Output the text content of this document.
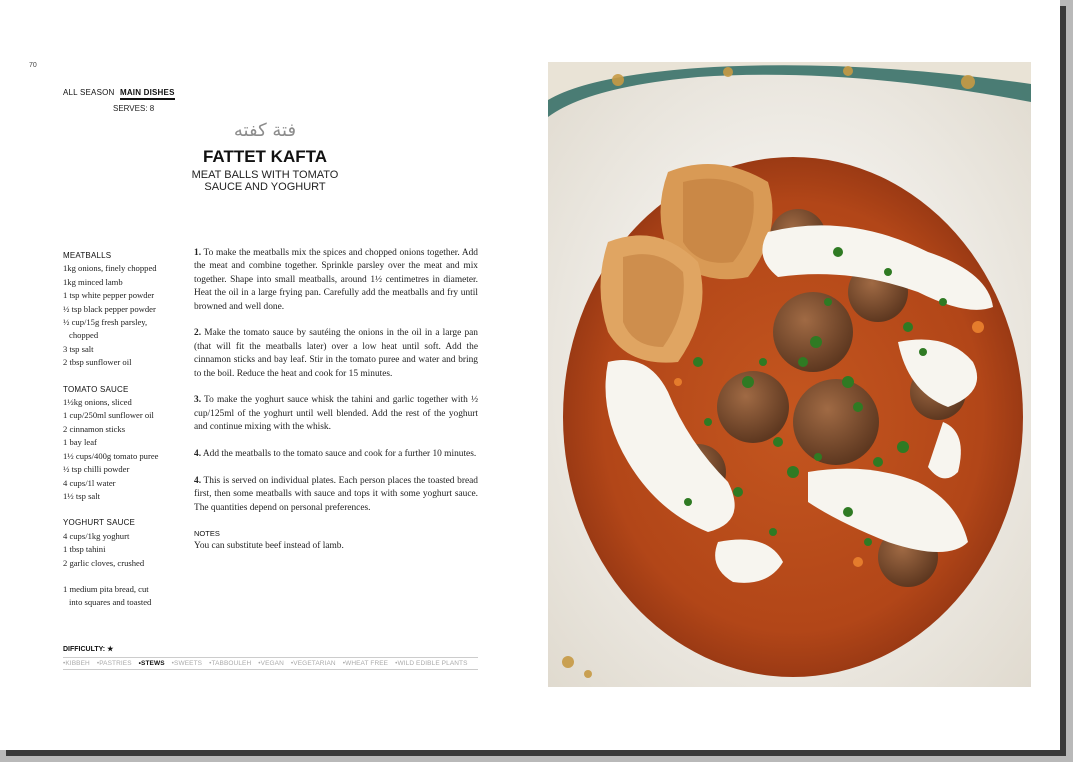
70
ALL SEASON MAIN DISHES
SERVES: 8
فتة كفته
FATTET KAFTA
MEAT BALLS WITH TOMATO
SAUCE AND YOGHURT
MEATBALLS
1kg onions, finely chopped
1kg minced lamb
1 tsp white pepper powder
½ tsp black pepper powder
½ cup/15g fresh parsley,
chopped
3 tsp salt
2 tbsp sunflower oil
TOMATO SAUCE
1½kg onions, sliced
1 cup/250ml sunflower oil
2 cinnamon sticks
1 bay leaf
1½ cups/400g tomato puree
½ tsp chilli powder
4 cups/1l water
1½ tsp salt
YOGHURT SAUCE
4 cups/1kg yoghurt
1 tbsp tahini
2 garlic cloves, crushed
1 medium pita bread, cut
into squares and toasted

1. To make the meatballs mix the spices and chopped onions together. Add the meat and combine together. Sprinkle parsley over the meat and mix together. Shape into small meatballs, around 1½ centimetres in diameter. Heat the oil in a large frying pan. Carefully add the meatballs and fry until browned and well done.

2. Make the tomato sauce by sautéing the onions in the oil in a large pan (that will fit the meatballs later) over a low heat until soft. Add the cinnamon sticks and bay leaf. Stir in the tomato puree and water and bring to the boil. Reduce the heat and cook for 15 minutes.

3. To make the yoghurt sauce whisk the tahini and garlic together with ½ cup/125ml of the yoghurt until well blended. Add the rest of the yoghurt and continue mixing with the whisk.

4. Add the meatballs to the tomato sauce and cook for a further 10 minutes.

4. This is served on individual plates. Each person places the toasted bread first, then some meatballs with sauce and tops it with some yoghurt sauce. The quantities depend on personal preferences.

NOTES
You can substitute beef instead of lamb.
DIFFICULTY: ★
•KIBBEH •PASTRIES •STEWS •SWEETS •TABBOULEH •VEGAN •VEGETARIAN •WHEAT FREE •WILD EDIBLE PLANTS
